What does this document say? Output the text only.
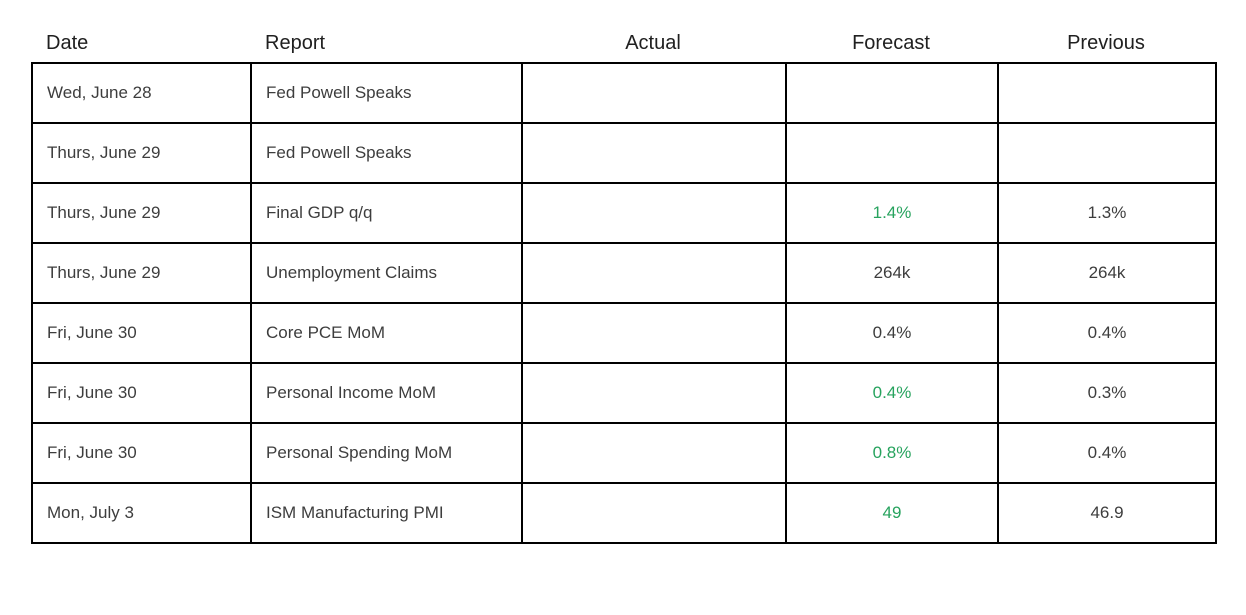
Date	Report	Actual	Forecast	Previous
Wed, June 28	Fed Powell Speaks			
Thurs, June 29	Fed Powell Speaks			
Thurs, June 29	Final GDP q/q		1.4%	1.3%
Thurs, June 29	Unemployment Claims		264k	264k
Fri, June 30	Core PCE MoM		0.4%	0.4%
Fri, June 30	Personal Income MoM		0.4%	0.3%
Fri, June 30	Personal Spending MoM		0.8%	0.4%
Mon, July 3	ISM Manufacturing PMI		49	46.9
